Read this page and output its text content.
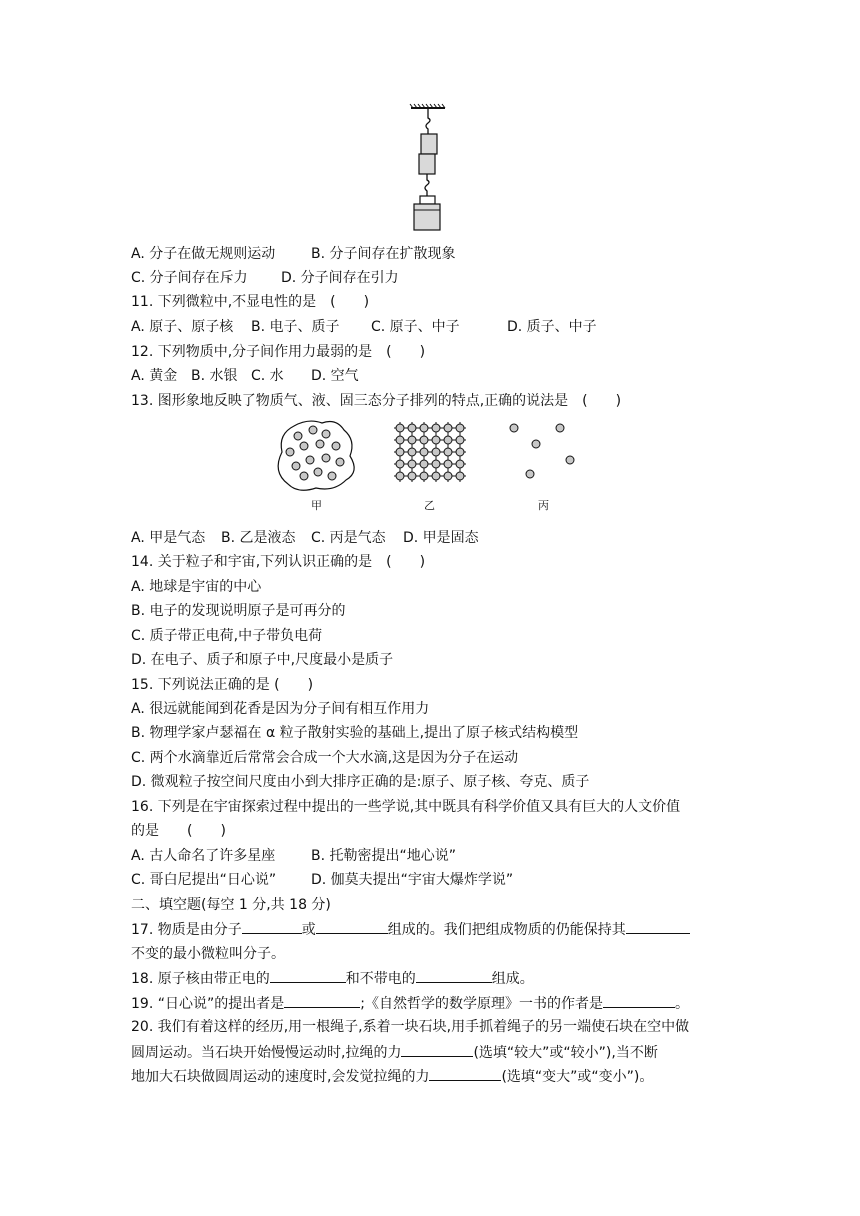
A. 分子在做无规则运动	B. 分子间存在扩散现象
C. 分子间存在斥力 D. 分子间存在引力
11. 下列微粒中,不显电性的是　(　　)
A. 原子、原子核 B. 电子、质子 C. 原子、中子	D. 质子、中子
12. 下列物质中,分子间作用力最弱的是　(　　)
A. 黄金 B. 水银 C. 水 D. 空气
13. 图形象地反映了物质气、液、固三态分子排列的特点,正确的说法是　(　　)
甲	乙	丙
A. 甲是气态 B. 乙是液态 C. 丙是气态 D. 甲是固态
14. 关于粒子和宇宙,下列认识正确的是　(　　)
A. 地球是宇宙的中心
B. 电子的发现说明原子是可再分的
C. 质子带正电荷,中子带负电荷
D. 在电子、质子和原子中,尺度最小是质子
15. 下列说法正确的是 (　　)
A. 很远就能闻到花香是因为分子间有相互作用力
B. 物理学家卢瑟福在 α 粒子散射实验的基础上,提出了原子核式结构模型
C. 两个水滴靠近后常常会合成一个大水滴,这是因为分子在运动
D. 微观粒子按空间尺度由小到大排序正确的是:原子、原子核、夸克、质子
16. 下列是在宇宙探索过程中提出的一些学说,其中既具有科学价值又具有巨大的人文价值
的是　　(　　)
A. 古人命名了许多星座	B. 托勒密提出“地心说”
C. 哥白尼提出“日心说” D. 伽莫夫提出“宇宙大爆炸学说”
二、填空题(每空 1 分,共 18 分)
17. 物质是由分子	或	组成的。我们把组成物质的仍能保持其
不变的最小微粒叫分子。
18. 原子核由带正电的	和不带电的	组成。
19. “日心说”的提出者是	;《自然哲学的数学原理》一书的作者是	。
20. 我们有着这样的经历,用一根绳子,系着一块石块,用手抓着绳子的另一端使石块在空中做
圆周运动。当石块开始慢慢运动时,拉绳的力	(选填“较大”或“较小”),当不断
地加大石块做圆周运动的速度时,会发觉拉绳的力	(选填“变大”或“变小”)。
